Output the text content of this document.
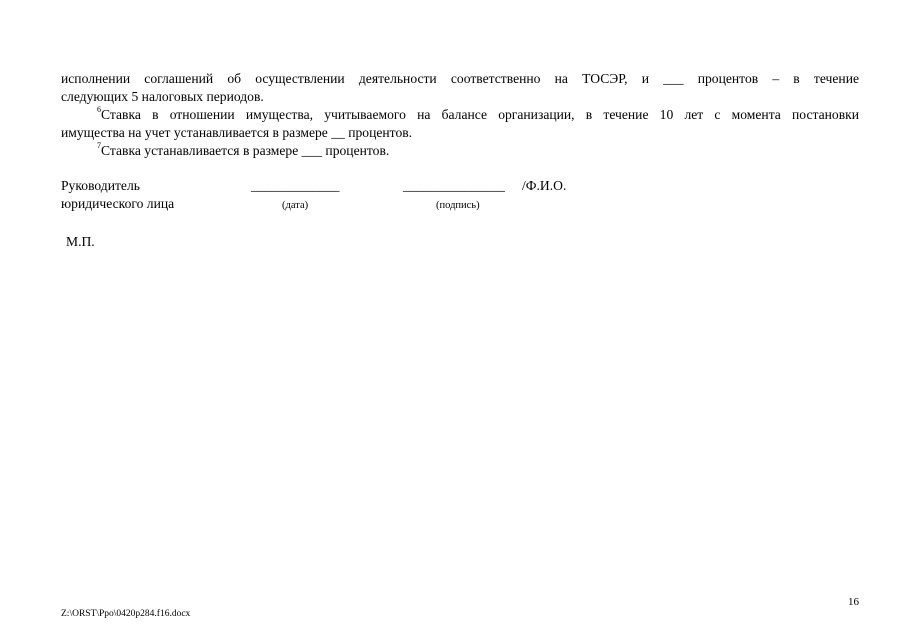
исполнении соглашений об осуществлении деятельности соответственно на ТОСЭР, и ___ процентов – в течение
следующих 5 налоговых периодов.
$^6$Ставка в отношении имущества, учитываемого на балансе организации, в течение 10 лет с момента постановки
имущества на учет устанавливается в размере __ процентов.
$^7$Ставка устанавливается в размере ___ процентов.
Руководитель
юридического лица
_____________
(дата)
_______________ /Ф.И.О.
(подпись)
М.П.
16
Z:\ORST\Ppo\0420p284.f16.docx
